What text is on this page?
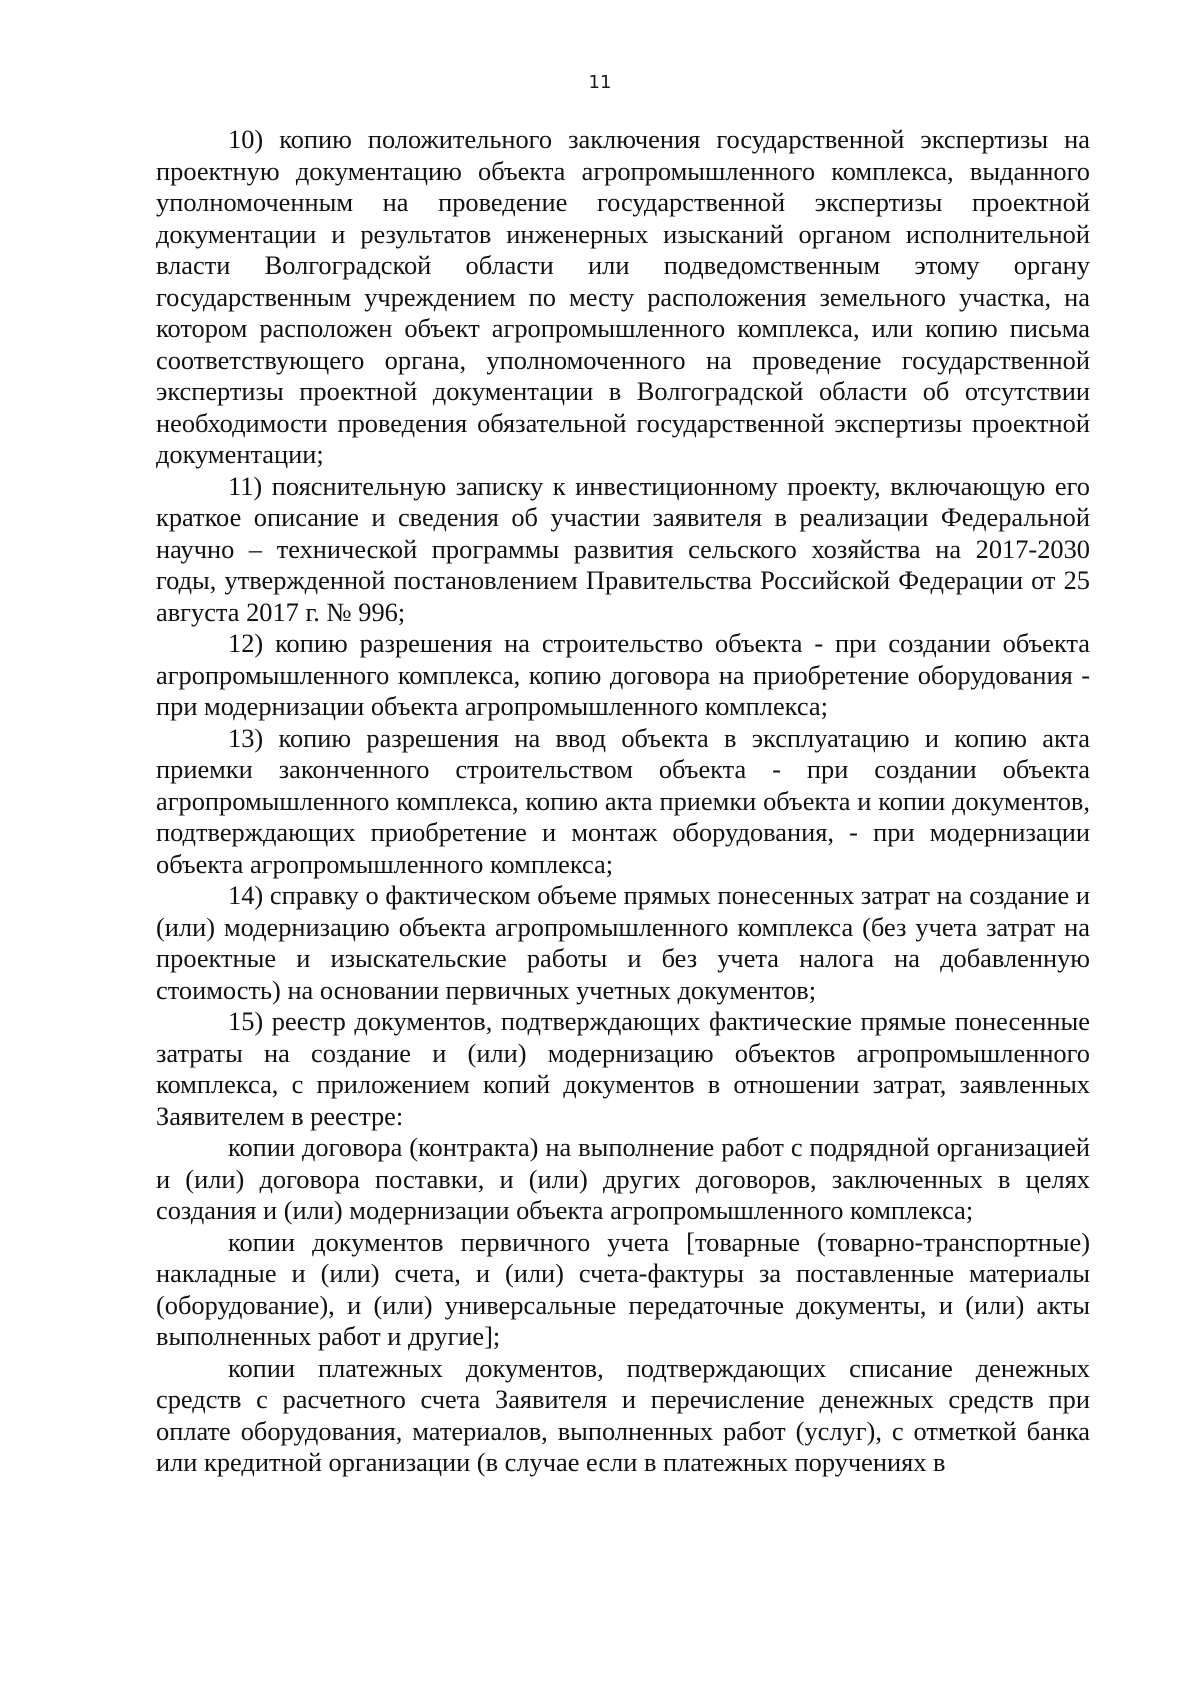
11

10) копию положительного заключения государственной экспертизы на проектную документацию объекта агропромышленного комплекса, выданного уполномоченным на проведение государственной экспертизы проектной документации и результатов инженерных изысканий органом исполнительной власти Волгоградской области или подведомственным этому органу государственным учреждением по месту расположения земельного участка, на котором расположен объект агропромышленного комплекса, или копию письма соответствующего органа, уполномоченного на проведение государственной экспертизы проектной документации в Волгоградской области об отсутствии необходимости проведения обязательной государственной экспертизы проектной документации;

11) пояснительную записку к инвестиционному проекту, включающую его краткое описание и сведения об участии заявителя в реализации Федеральной научно – технической программы развития сельского хозяйства на 2017-2030 годы, утвержденной постановлением Правительства Российской Федерации от 25 августа 2017 г. № 996;

12) копию разрешения на строительство объекта - при создании объекта агропромышленного комплекса, копию договора на приобретение оборудования - при модернизации объекта агропромышленного комплекса;

13) копию разрешения на ввод объекта в эксплуатацию и копию акта приемки законченного строительством объекта - при создании объекта агропромышленного комплекса, копию акта приемки объекта и копии документов, подтверждающих приобретение и монтаж оборудования, - при модернизации объекта агропромышленного комплекса;

14) справку о фактическом объеме прямых понесенных затрат на создание и (или) модернизацию объекта агропромышленного комплекса (без учета затрат на проектные и изыскательские работы и без учета налога на добавленную стоимость) на основании первичных учетных документов;

15) реестр документов, подтверждающих фактические прямые понесенные затраты на создание и (или) модернизацию объектов агропромышленного комплекса, с приложением копий документов в отношении затрат, заявленных Заявителем в реестре:

копии договора (контракта) на выполнение работ с подрядной организацией и (или) договора поставки, и (или) других договоров, заключенных в целях создания и (или) модернизации объекта агропромышленного комплекса;

копии документов первичного учета [товарные (товарно-транспортные) накладные и (или) счета, и (или) счета-фактуры за поставленные материалы (оборудование), и (или) универсальные передаточные документы, и (или) акты выполненных работ и другие];

копии платежных документов, подтверждающих списание денежных средств с расчетного счета Заявителя и перечисление денежных средств при оплате оборудования, материалов, выполненных работ (услуг), с отметкой банка или кредитной организации (в случае если в платежных поручениях в
